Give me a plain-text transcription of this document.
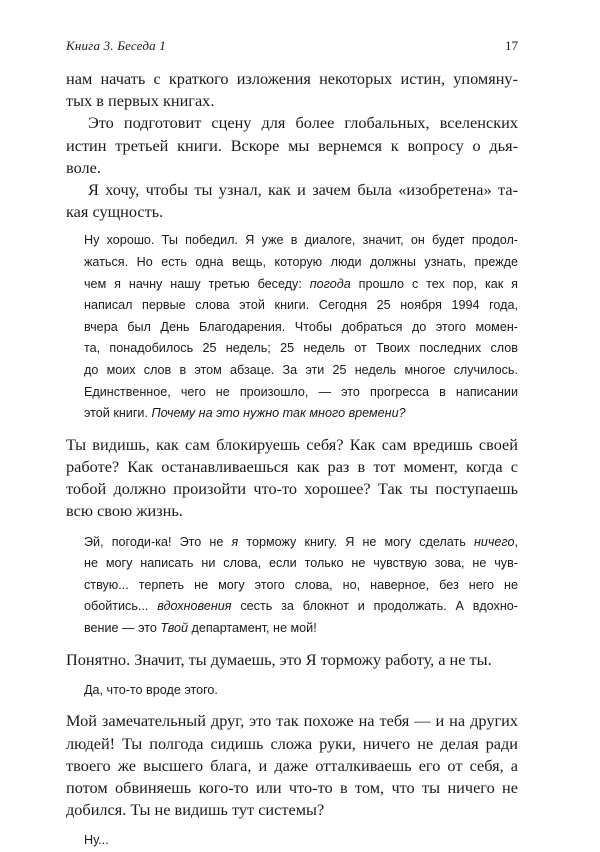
Книга 3. Беседа 1	17

нам начать с краткого изложения некоторых истин, упомяну-
тых в первых книгах.

Это подготовит сцену для более глобальных, вселенских
истин третьей книги. Вскоре мы вернемся к вопросу о дья-
воле.

Я хочу, чтобы ты узнал, как и зачем была «изобретена» та-
кая сущность.

Ну хорошо. Ты победил. Я уже в диалоге, значит, он будет продол-
жаться. Но есть одна вещь, которую люди должны узнать, прежде
чем я начну нашу третью беседу: погода прошло с тех пор, как я
написал первые слова этой книги. Сегодня 25 ноября 1994 года,
вчера был День Благодарения. Чтобы добраться до этого момен-
та, понадобилось 25 недель; 25 недель от Твоих последних слов
до моих слов в этом абзаце. За эти 25 недель многое случилось.
Единственное, чего не произошло, — это прогресса в написании
этой книги. Почему на это нужно так много времени?

Ты видишь, как сам блокируешь себя? Как сам вредишь своей
работе? Как останавливаешься как раз в тот момент, когда с
тобой должно произойти что-то хорошее? Так ты поступаешь
всю свою жизнь.

Эй, погоди-ка! Это не я торможу книгу. Я не могу сделать ничего,
не могу написать ни слова, если только не чувствую зова, не чув-
ствую... терпеть не могу этого слова, но, наверное, без него не
обойтись... вдохновения сесть за блокнот и продолжать. А вдохно-
вение — это Твой департамент, не мой!

Понятно. Значит, ты думаешь, это Я торможу работу, а не ты.

Да, что-то вроде этого.

Мой замечательный друг, это так похоже на тебя — и на других
людей! Ты полгода сидишь сложа руки, ничего не делая ради
твоего же высшего блага, и даже отталкиваешь его от себя, а
потом обвиняешь кого-то или что-то в том, что ты ничего не
добился. Ты не видишь тут системы?

Ну...
